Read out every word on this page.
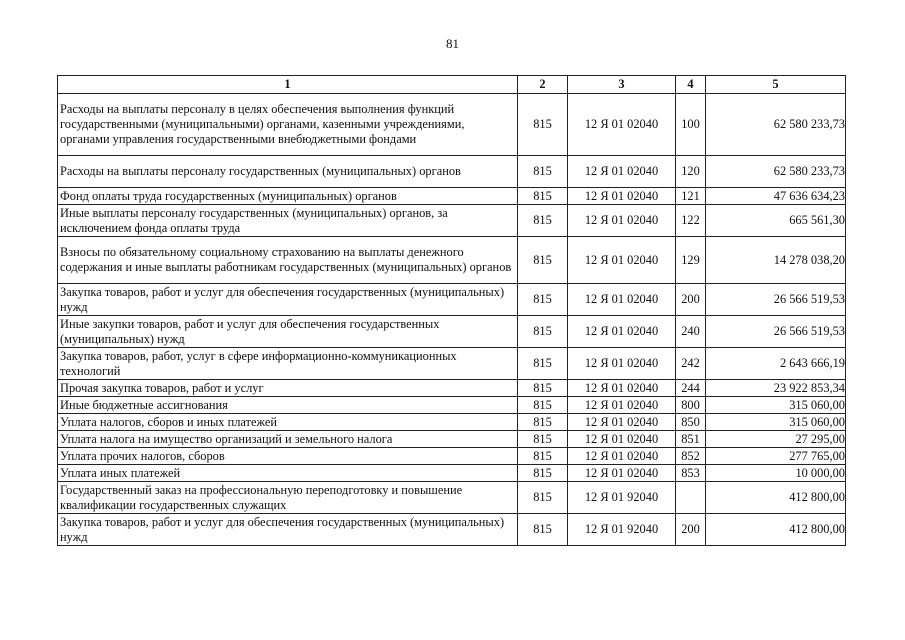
81
1	2	3	4	5
Расходы на выплаты персоналу в целях обеспечения выполнения функций государственными (муниципальными) органами, казенными учреждениями, органами управления государственными внебюджетными фондами	815	12 Я 01 02040	100	62 580 233,73
Расходы на выплаты персоналу государственных (муниципальных) органов	815	12 Я 01 02040	120	62 580 233,73
Фонд оплаты труда государственных (муниципальных) органов	815	12 Я 01 02040	121	47 636 634,23
Иные выплаты персоналу государственных (муниципальных) органов, за исключением фонда оплаты труда	815	12 Я 01 02040	122	665 561,30
Взносы по обязательному социальному страхованию на выплаты денежного содержания и иные выплаты работникам государственных (муниципальных) органов	815	12 Я 01 02040	129	14 278 038,20
Закупка товаров, работ и услуг для обеспечения государственных (муниципальных) нужд	815	12 Я 01 02040	200	26 566 519,53
Иные закупки товаров, работ и услуг для обеспечения государственных (муниципальных) нужд	815	12 Я 01 02040	240	26 566 519,53
Закупка товаров, работ, услуг в сфере информационно-коммуникационных технологий	815	12 Я 01 02040	242	2 643 666,19
Прочая закупка товаров, работ и услуг	815	12 Я 01 02040	244	23 922 853,34
Иные бюджетные ассигнования	815	12 Я 01 02040	800	315 060,00
Уплата налогов, сборов и иных платежей	815	12 Я 01 02040	850	315 060,00
Уплата налога на имущество организаций и земельного налога	815	12 Я 01 02040	851	27 295,00
Уплата прочих налогов, сборов	815	12 Я 01 02040	852	277 765,00
Уплата иных платежей	815	12 Я 01 02040	853	10 000,00
Государственный заказ на профессиональную переподготовку и повышение квалификации государственных служащих	815	12 Я 01 92040		412 800,00
Закупка товаров, работ и услуг для обеспечения государственных (муниципальных) нужд	815	12 Я 01 92040	200	412 800,00
